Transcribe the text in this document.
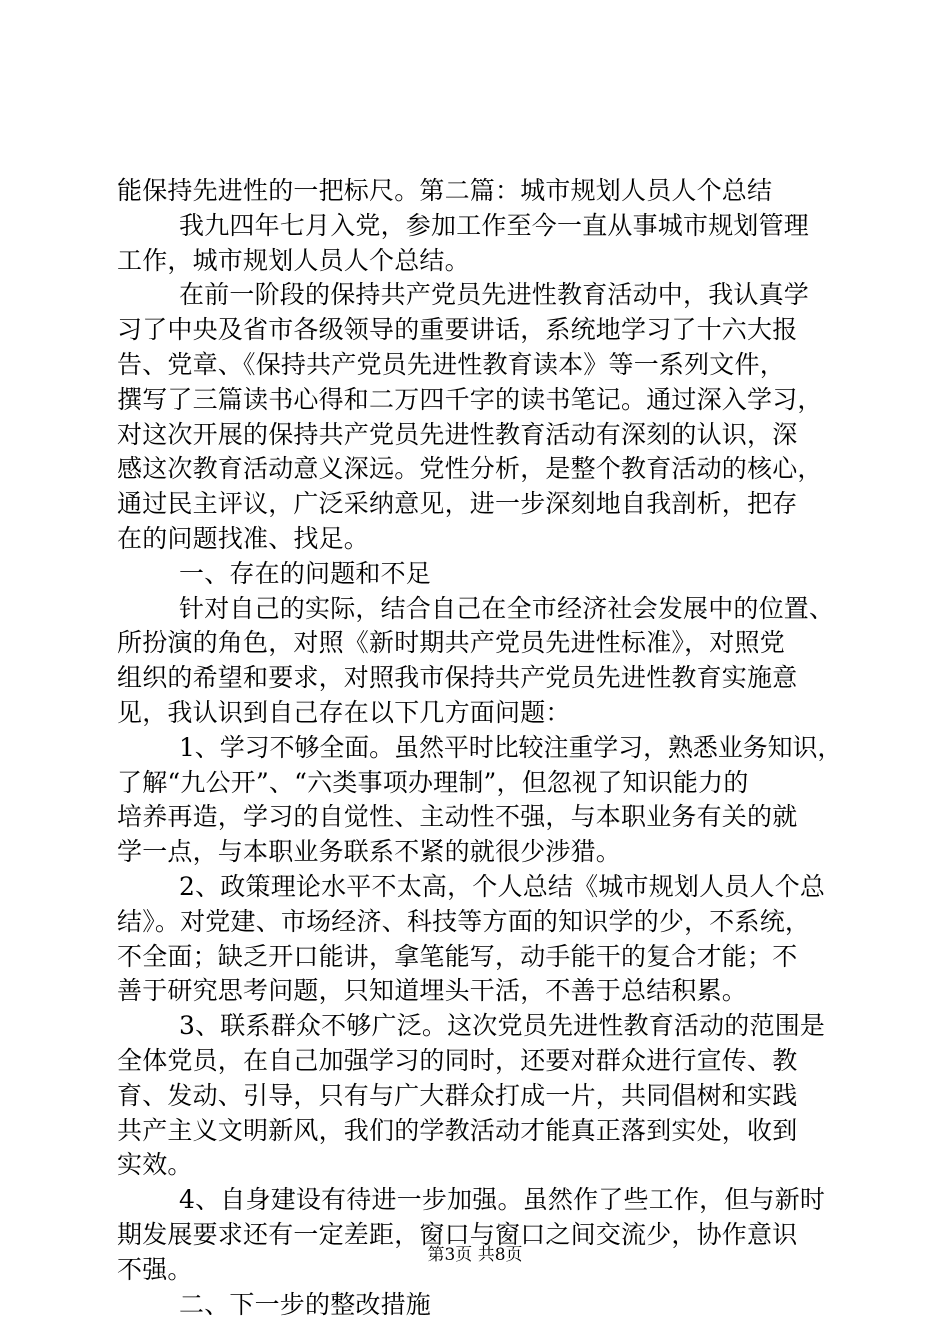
能保持先进性的一把标尺。第二篇：城市规划人员人个总结
我九四年七月入党，参加工作至今一直从事城市规划管理
工作，城市规划人员人个总结。
在前一阶段的保持共产党员先进性教育活动中，我认真学
习了中央及省市各级领导的重要讲话，系统地学习了十六大报
告、党章、《保持共产党员先进性教育读本》等一系列文件，
撰写了三篇读书心得和二万四千字的读书笔记。通过深入学习，
对这次开展的保持共产党员先进性教育活动有深刻的认识，深
感这次教育活动意义深远。党性分析，是整个教育活动的核心，
通过民主评议，广泛采纳意见，进一步深刻地自我剖析，把存
在的问题找准、找足。
一、存在的问题和不足
针对自己的实际，结合自己在全市经济社会发展中的位置、
所扮演的角色，对照《新时期共产党员先进性标准》，对照党
组织的希望和要求，对照我市保持共产党员先进性教育实施意
见，我认识到自己存在以下几方面问题：
1、学习不够全面。虽然平时比较注重学习，熟悉业务知识，
了解“九公开”、“六类事项办理制”，但忽视了知识能力的
培养再造，学习的自觉性、主动性不强，与本职业务有关的就
学一点，与本职业务联系不紧的就很少涉猎。
2、政策理论水平不太高，个人总结《城市规划人员人个总
结》。对党建、市场经济、科技等方面的知识学的少，不系统，
不全面；缺乏开口能讲，拿笔能写，动手能干的复合才能；不
善于研究思考问题，只知道埋头干活，不善于总结积累。
3、联系群众不够广泛。这次党员先进性教育活动的范围是
全体党员，在自己加强学习的同时，还要对群众进行宣传、教
育、发动、引导，只有与广大群众打成一片，共同倡树和实践
共产主义文明新风，我们的学教活动才能真正落到实处，收到
实效。
4、自身建设有待进一步加强。虽然作了些工作，但与新时
期发展要求还有一定差距，窗口与窗口之间交流少，协作意识
不强。
二、下一步的整改措施
第3页 共8页
